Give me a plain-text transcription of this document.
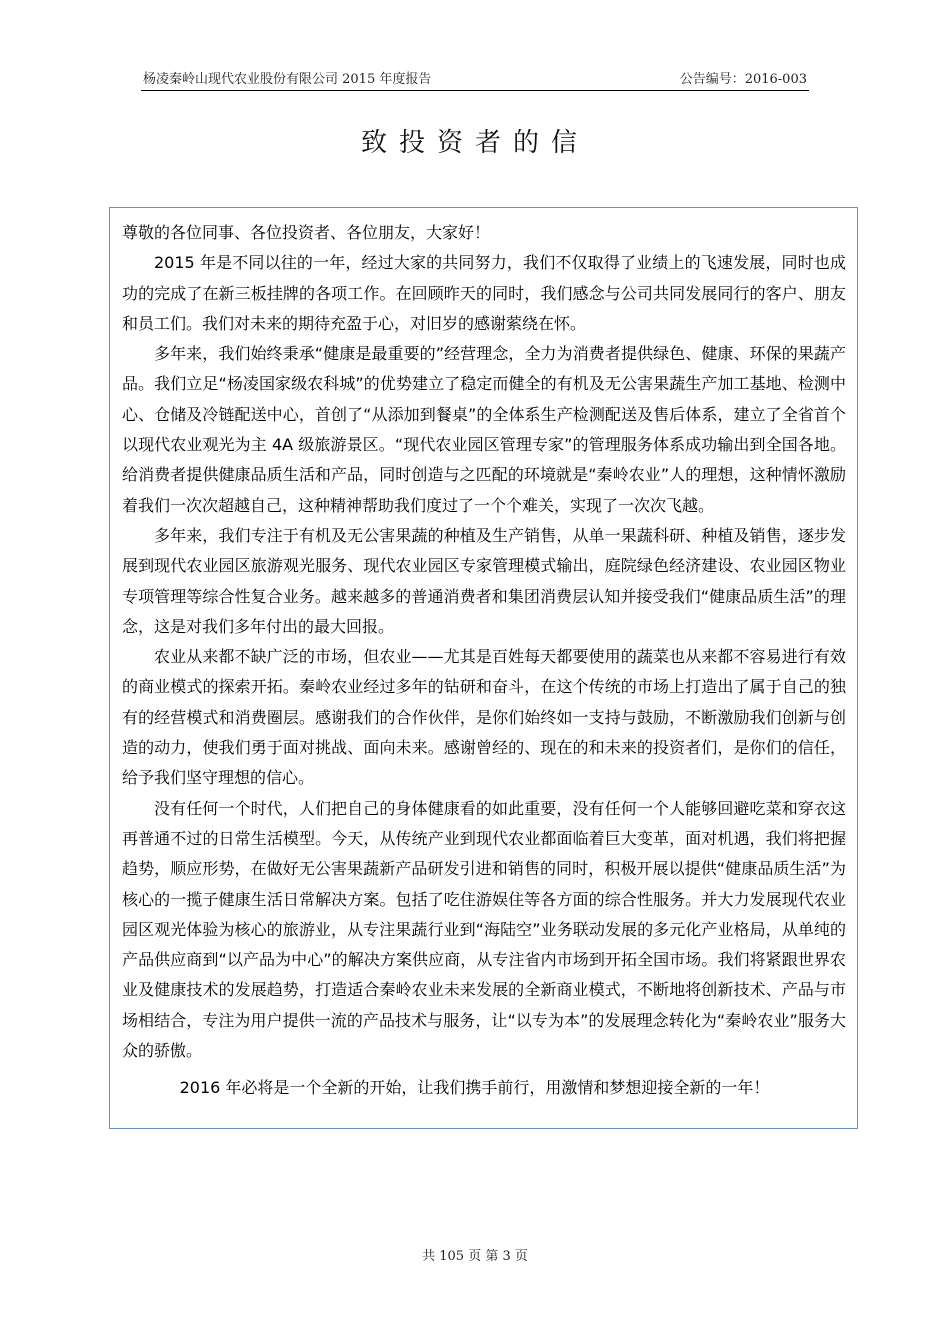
杨凌秦岭山现代农业股份有限公司 2015 年度报告	公告编号：2016-003
致投资者的信

尊敬的各位同事、各位投资者、各位朋友，大家好！

2015 年是不同以往的一年，经过大家的共同努力，我们不仅取得了业绩上的飞速发展，同时也成功的完成了在新三板挂牌的各项工作。在回顾昨天的同时，我们感念与公司共同发展同行的客户、朋友和员工们。我们对未来的期待充盈于心，对旧岁的感谢萦绕在怀。

多年来，我们始终秉承“健康是最重要的”经营理念，全力为消费者提供绿色、健康、环保的果蔬产品。我们立足“杨凌国家级农科城”的优势建立了稳定而健全的有机及无公害果蔬生产加工基地、检测中心、仓储及冷链配送中心，首创了“从添加到餐桌”的全体系生产检测配送及售后体系，建立了全省首个以现代农业观光为主 4A 级旅游景区。“现代农业园区管理专家”的管理服务体系成功输出到全国各地。给消费者提供健康品质生活和产品，同时创造与之匹配的环境就是“秦岭农业”人的理想，这种情怀激励着我们一次次超越自己，这种精神帮助我们度过了一个个难关，实现了一次次飞越。

多年来，我们专注于有机及无公害果蔬的种植及生产销售，从单一果蔬科研、种植及销售，逐步发展到现代农业园区旅游观光服务、现代农业园区专家管理模式输出，庭院绿色经济建设、农业园区物业专项管理等综合性复合业务。越来越多的普通消费者和集团消费层认知并接受我们“健康品质生活”的理念，这是对我们多年付出的最大回报。

农业从来都不缺广泛的市场，但农业——尤其是百姓每天都要使用的蔬菜也从来都不容易进行有效的商业模式的探索开拓。秦岭农业经过多年的钻研和奋斗，在这个传统的市场上打造出了属于自己的独有的经营模式和消费圈层。感谢我们的合作伙伴，是你们始终如一支持与鼓励，不断激励我们创新与创造的动力，使我们勇于面对挑战、面向未来。感谢曾经的、现在的和未来的投资者们，是你们的信任，给予我们坚守理想的信心。

没有任何一个时代，人们把自己的身体健康看的如此重要，没有任何一个人能够回避吃菜和穿衣这再普通不过的日常生活模型。今天，从传统产业到现代农业都面临着巨大变革，面对机遇，我们将把握趋势，顺应形势，在做好无公害果蔬新产品研发引进和销售的同时，积极开展以提供“健康品质生活”为核心的一揽子健康生活日常解决方案。包括了吃住游娱住等各方面的综合性服务。并大力发展现代农业园区观光体验为核心的旅游业，从专注果蔬行业到“海陆空”业务联动发展的多元化产业格局，从单纯的产品供应商到“以产品为中心”的解决方案供应商，从专注省内市场到开拓全国市场。我们将紧跟世界农业及健康技术的发展趋势，打造适合秦岭农业未来发展的全新商业模式，不断地将创新技术、产品与市场相结合，专注为用户提供一流的产品技术与服务，让“以专为本”的发展理念转化为“秦岭农业”服务大众的骄傲。

2016 年必将是一个全新的开始，让我们携手前行，用激情和梦想迎接全新的一年！

共 105 页 第 3 页
